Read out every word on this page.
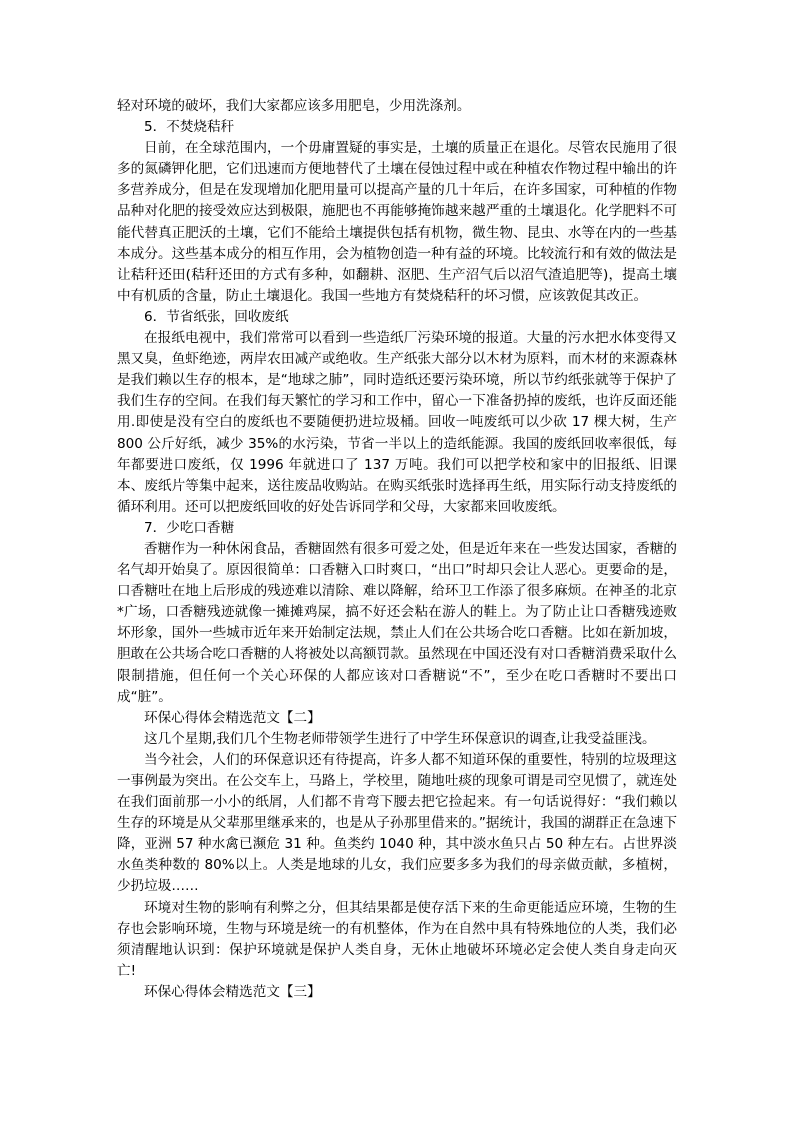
轻对环境的破坏，我们大家都应该多用肥皂，少用洗涤剂。

5．不焚烧秸秆

日前，在全球范围内，一个毋庸置疑的事实是，土壤的质量正在退化。尽管农民施用了很多的氮磷钾化肥，它们迅速而方便地替代了土壤在侵蚀过程中或在种植农作物过程中输出的许多营养成分，但是在发现增加化肥用量可以提高产量的几十年后，在许多国家，可种植的作物品种对化肥的接受效应达到极限，施肥也不再能够掩饰越来越严重的土壤退化。化学肥料不可能代替真正肥沃的土壤，它们不能给土壤提供包括有机物，微生物、昆虫、水等在内的一些基本成分。这些基本成分的相互作用，会为植物创造一种有益的环境。比较流行和有效的做法是让秸秆还田(秸秆还田的方式有多种，如翻耕、沤肥、生产沼气后以沼气渣追肥等)，提高土壤中有机质的含量，防止土壤退化。我国一些地方有焚烧秸秆的坏习惯，应该敦促其改正。

6．节省纸张，回收废纸

在报纸电视中，我们常常可以看到一些造纸厂污染环境的报道。大量的污水把水体变得又黑又臭，鱼虾绝迹，两岸农田减产或绝收。生产纸张大部分以木材为原料，而木材的来源森林是我们赖以生存的根本，是“地球之肺”，同时造纸还要污染环境，所以节约纸张就等于保护了我们生存的空间。在我们每天繁忙的学习和工作中，留心一下准备扔掉的废纸，也许反面还能用.即使是没有空白的废纸也不要随便扔进垃圾桶。回收一吨废纸可以少砍 17 棵大树，生产 800 公斤好纸，减少 35%的水污染，节省一半以上的造纸能源。我国的废纸回收率很低，每年都要进口废纸，仅 1996 年就进口了 137 万吨。我们可以把学校和家中的旧报纸、旧课本、废纸片等集中起来，送往废品收购站。在购买纸张时选择再生纸，用实际行动支持废纸的循环利用。还可以把废纸回收的好处告诉同学和父母，大家都来回收废纸。

7．少吃口香糖

香糖作为一种休闲食品，香糖固然有很多可爱之处，但是近年来在一些发达国家，香糖的名气却开始臭了。原因很简单：口香糖入口时爽口，“出口”时却只会让人恶心。更要命的是，口香糖吐在地上后形成的残迹难以清除、难以降解，给环卫工作添了很多麻烦。在神圣的北京*广场，口香糖残迹就像一摊摊鸡屎，搞不好还会粘在游人的鞋上。为了防止让口香糖残迹败坏形象，国外一些城市近年来开始制定法规，禁止人们在公共场合吃口香糖。比如在新加坡，胆敢在公共场合吃口香糖的人将被处以高额罚款。虽然现在中国还没有对口香糖消费采取什么限制措施，但任何一个关心环保的人都应该对口香糖说“不”，至少在吃口香糖时不要出口成“脏”。

环保心得体会精选范文【二】

这几个星期,我们几个生物老师带领学生进行了中学生环保意识的调查,让我受益匪浅。

当今社会，人们的环保意识还有待提高，许多人都不知道环保的重要性，特别的垃圾理这一事例最为突出。在公交车上，马路上，学校里，随地吐痰的现象可谓是司空见惯了，就连处在我们面前那一小小的纸屑，人们都不肯弯下腰去把它捡起来。有一句话说得好：“我们赖以生存的环境是从父辈那里继承来的，也是从子孙那里借来的。”据统计，我国的湖群正在急速下降，亚洲 57 种水禽已濒危 31 种。鱼类约 1040 种，其中淡水鱼只占 50 种左右。占世界淡水鱼类种数的 80%以上。人类是地球的儿女，我们应要多多为我们的母亲做贡献，多植树，少扔垃圾……

环境对生物的影响有利弊之分，但其结果都是使存活下来的生命更能适应环境，生物的生存也会影响环境，生物与环境是统一的有机整体，作为在自然中具有特殊地位的人类，我们必须清醒地认识到：保护环境就是保护人类自身，无休止地破坏环境必定会使人类自身走向灭亡!

环保心得体会精选范文【三】
